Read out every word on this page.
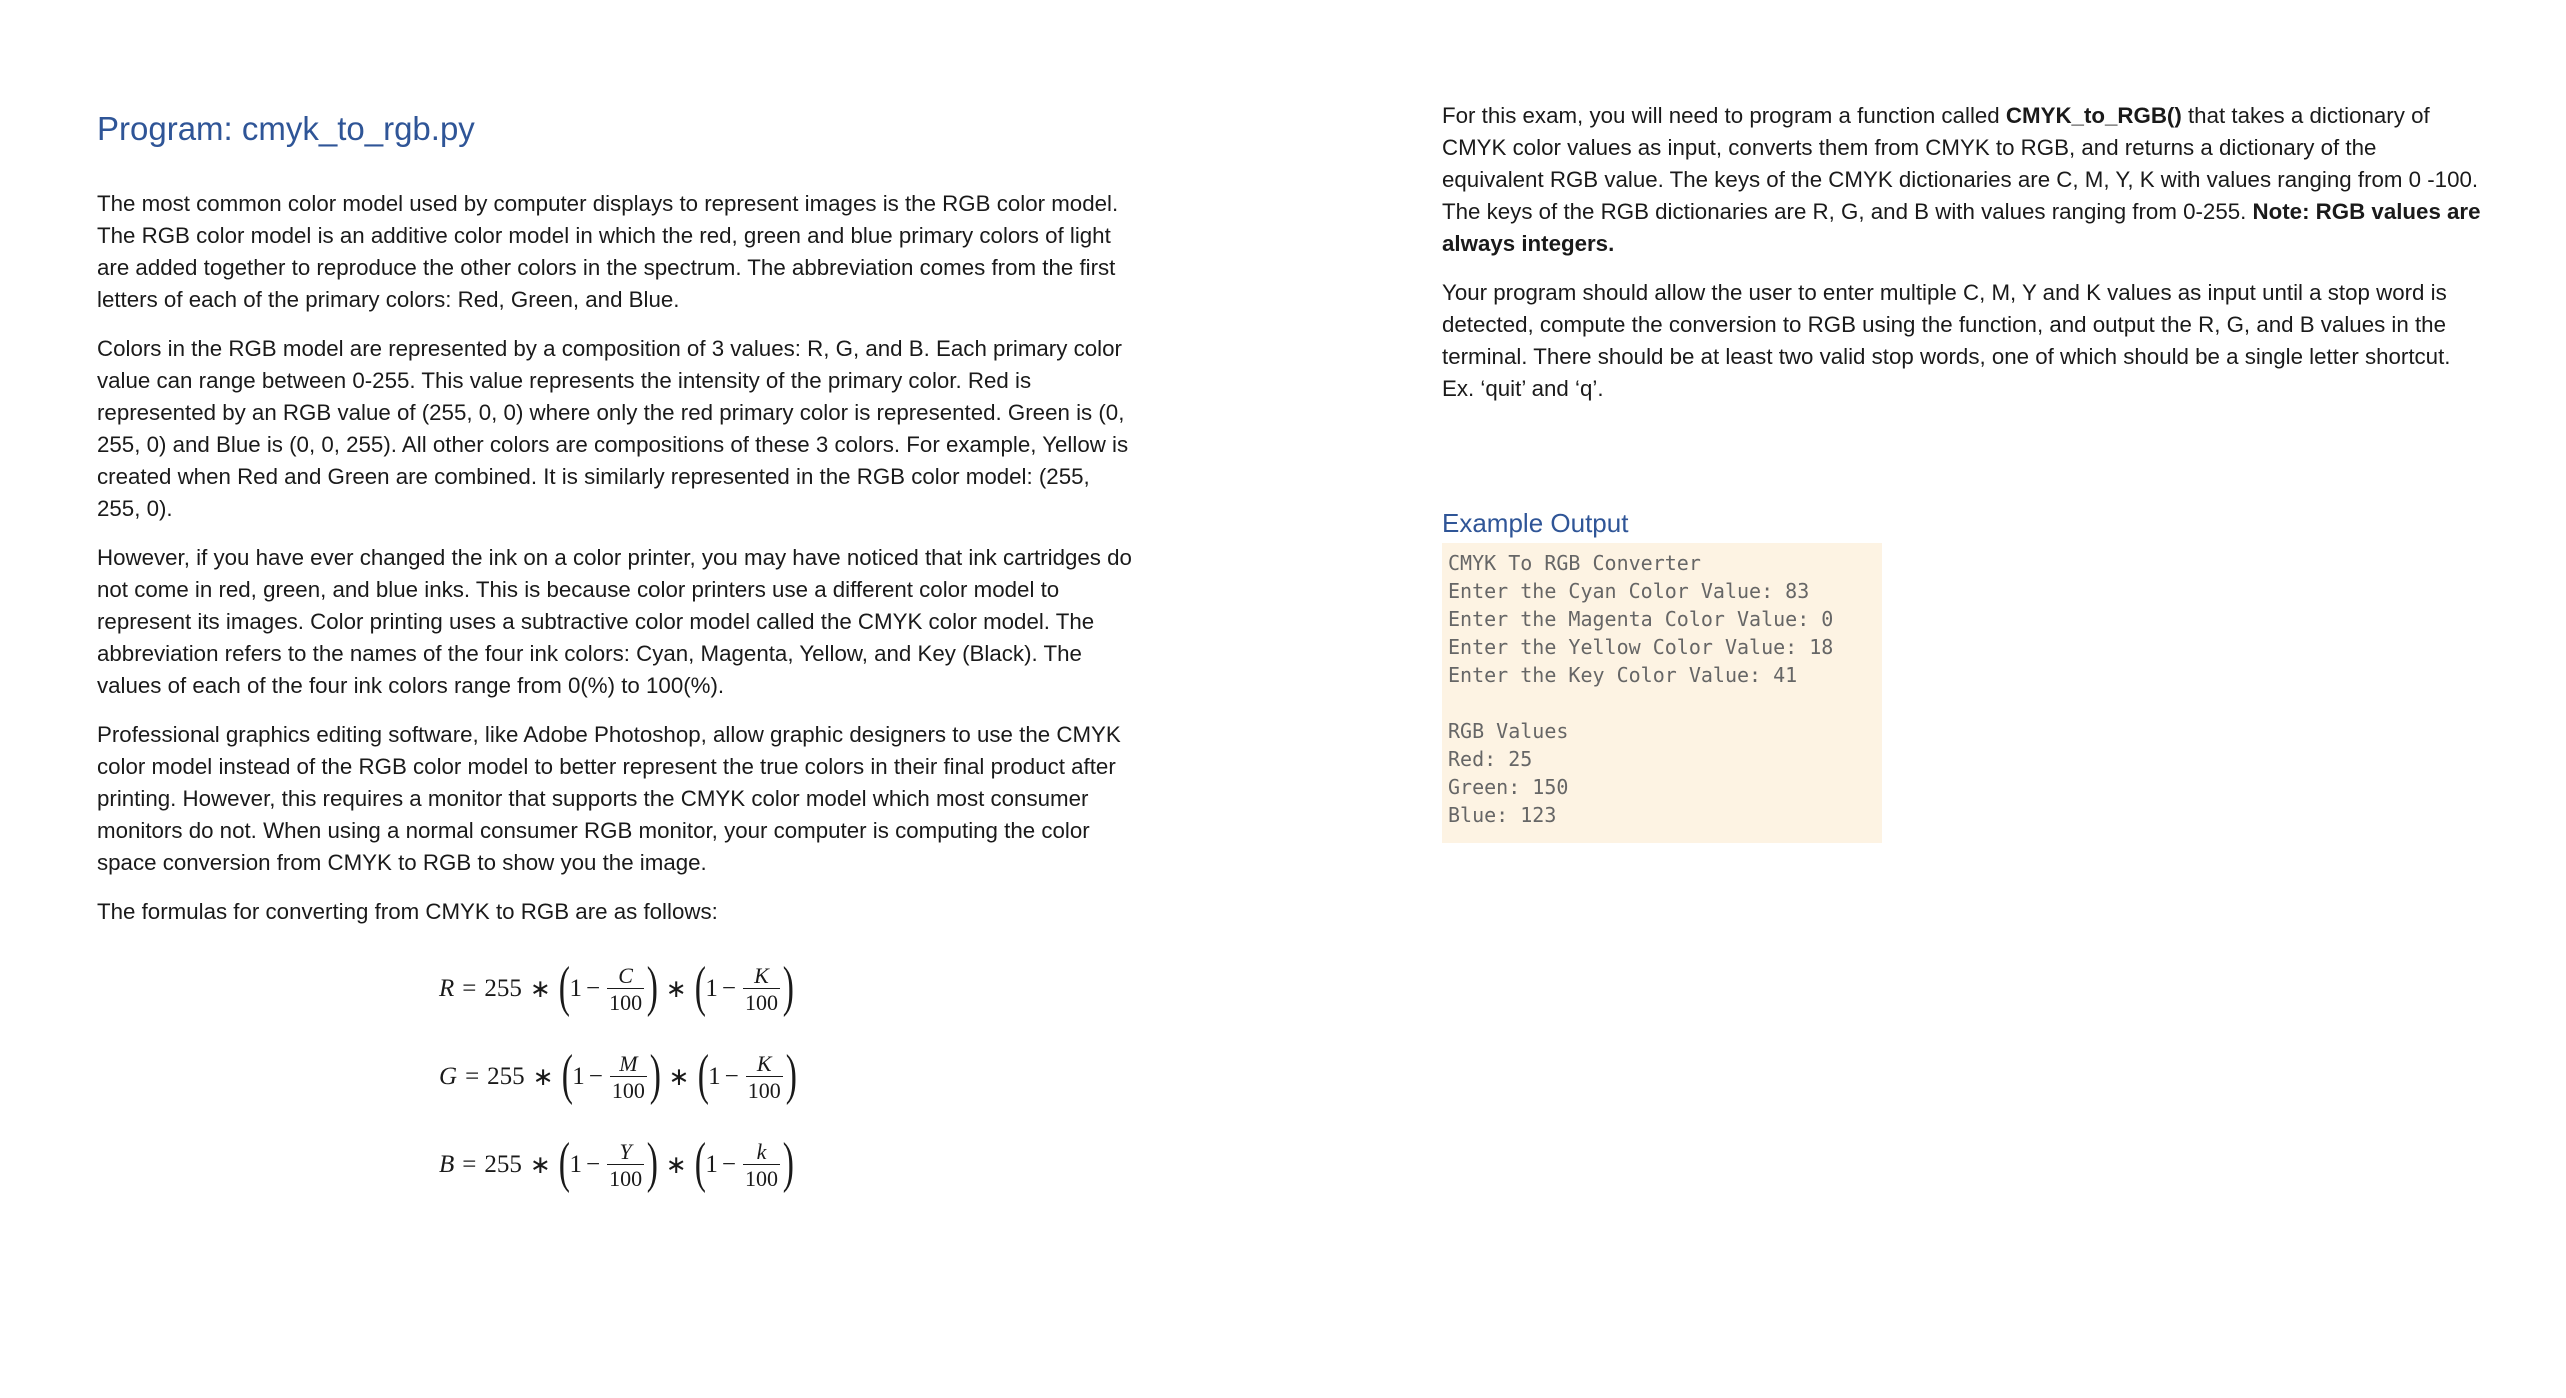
Program: cmyk_to_rgb.py

The most common color model used by computer displays to represent images is the RGB color model. The RGB color model is an additive color model in which the red, green and blue primary colors of light are added together to reproduce the other colors in the spectrum. The abbreviation comes from the first letters of each of the primary colors: Red, Green, and Blue.

Colors in the RGB model are represented by a composition of 3 values: R, G, and B. Each primary color value can range between 0-255. This value represents the intensity of the primary color. Red is represented by an RGB value of (255, 0, 0) where only the red primary color is represented. Green is (0, 255, 0) and Blue is (0, 0, 255). All other colors are compositions of these 3 colors. For example, Yellow is created when Red and Green are combined. It is similarly represented in the RGB color model: (255, 255, 0).

However, if you have ever changed the ink on a color printer, you may have noticed that ink cartridges do not come in red, green, and blue inks. This is because color printers use a different color model to represent its images. Color printing uses a subtractive color model called the CMYK color model. The abbreviation refers to the names of the four ink colors: Cyan, Magenta, Yellow, and Key (Black). The values of each of the four ink colors range from 0(%) to 100(%).

Professional graphics editing software, like Adobe Photoshop, allow graphic designers to use the CMYK color model instead of the RGB color model to better represent the true colors in their final product after printing. However, this requires a monitor that supports the CMYK color model which most consumer monitors do not. When using a normal consumer RGB monitor, your computer is computing the color space conversion from CMYK to RGB to show you the image.

The formulas for converting from CMYK to RGB are as follows:

R = 255 ∗ ( $1 - \frac{C}{100}$ ) ∗ ( $1 - \frac{K}{100}$ )
G = 255 ∗ ( $1 - \frac{M}{100}$ ) ∗ ( $1 - \frac{K}{100}$ )
B = 255 ∗ ( $1 - \frac{Y}{100}$ ) ∗ ( $1 - \frac{k}{100}$ )

For this exam, you will need to program a function called CMYK_to_RGB() that takes a dictionary of CMYK color values as input, converts them from CMYK to RGB, and returns a dictionary of the equivalent RGB value. The keys of the CMYK dictionaries are C, M, Y, K with values ranging from 0 -100. The keys of the RGB dictionaries are R, G, and B with values ranging from 0-255. Note: RGB values are always integers.

Your program should allow the user to enter multiple C, M, Y and K values as input until a stop word is detected, compute the conversion to RGB using the function, and output the R, G, and B values in the terminal. There should be at least two valid stop words, one of which should be a single letter shortcut. Ex. ‘quit’ and ‘q’.

Example Output
CMYK To RGB Converter
Enter the Cyan Color Value: 83
Enter the Magenta Color Value: 0
Enter the Yellow Color Value: 18
Enter the Key Color Value: 41
RGB Values
Red: 25
Green: 150
Blue: 123
